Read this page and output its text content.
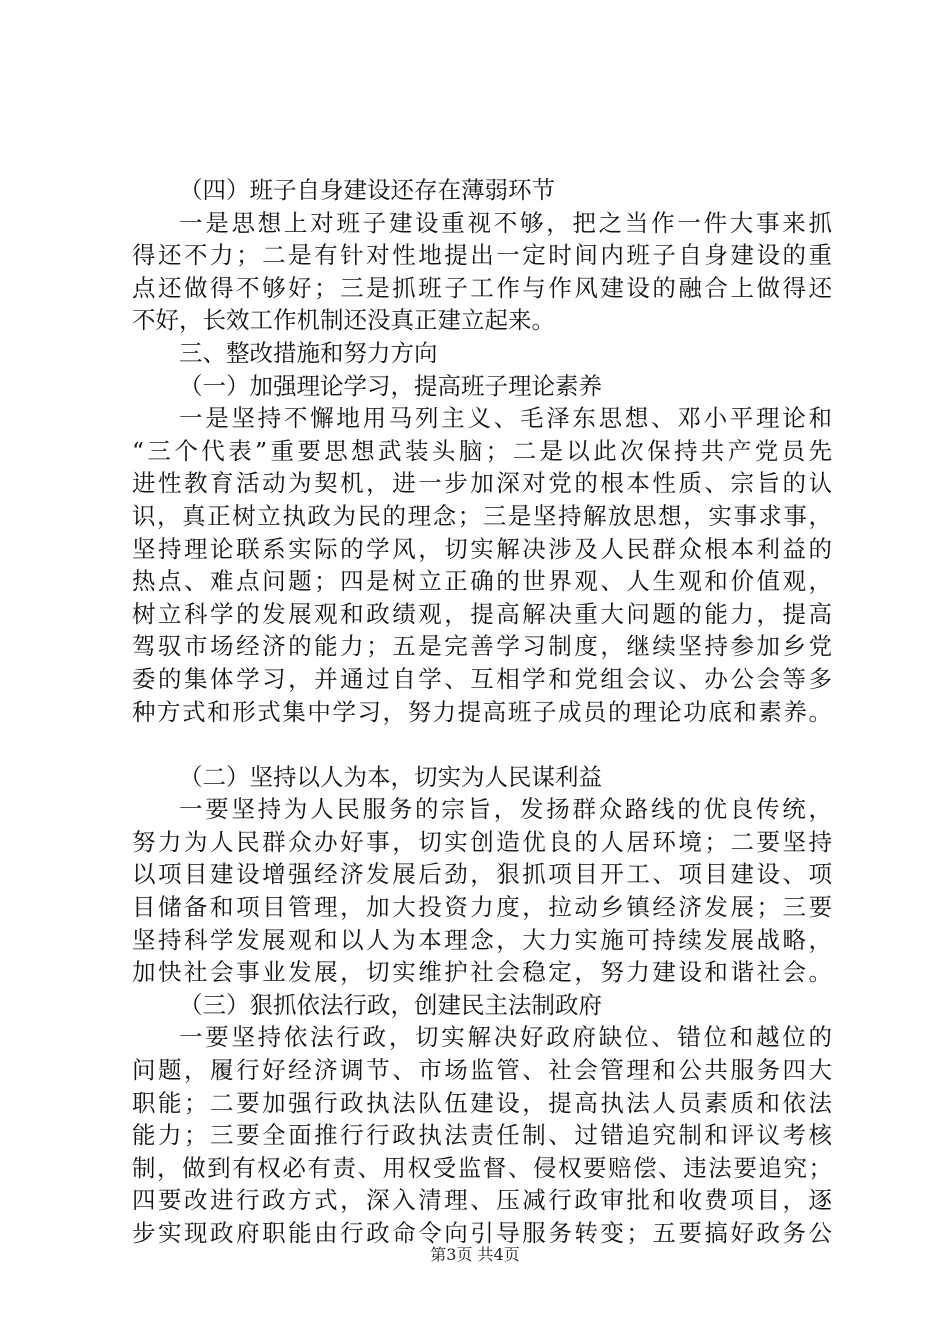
（四）班子自身建设还存在薄弱环节
一是思想上对班子建设重视不够，把之当作一件大事来抓
得还不力；二是有针对性地提出一定时间内班子自身建设的重
点还做得不够好；三是抓班子工作与作风建设的融合上做得还
不好，长效工作机制还没真正建立起来。
三、整改措施和努力方向
（一）加强理论学习，提高班子理论素养
一是坚持不懈地用马列主义、毛泽东思想、邓小平理论和
“三个代表”重要思想武装头脑；二是以此次保持共产党员先
进性教育活动为契机，进一步加深对党的根本性质、宗旨的认
识，真正树立执政为民的理念；三是坚持解放思想，实事求事，
坚持理论联系实际的学风，切实解决涉及人民群众根本利益的
热点、难点问题；四是树立正确的世界观、人生观和价值观，
树立科学的发展观和政绩观，提高解决重大问题的能力，提高
驾驭市场经济的能力；五是完善学习制度，继续坚持参加乡党
委的集体学习，并通过自学、互相学和党组会议、办公会等多
种方式和形式集中学习，努力提高班子成员的理论功底和素养。
（二）坚持以人为本，切实为人民谋利益
一要坚持为人民服务的宗旨，发扬群众路线的优良传统，
努力为人民群众办好事，切实创造优良的人居环境；二要坚持
以项目建设增强经济发展后劲，狠抓项目开工、项目建设、项
目储备和项目管理，加大投资力度，拉动乡镇经济发展；三要
坚持科学发展观和以人为本理念，大力实施可持续发展战略，
加快社会事业发展，切实维护社会稳定，努力建设和谐社会。
（三）狠抓依法行政，创建民主法制政府
一要坚持依法行政，切实解决好政府缺位、错位和越位的
问题，履行好经济调节、市场监管、社会管理和公共服务四大
职能；二要加强行政执法队伍建设，提高执法人员素质和依法
能力；三要全面推行行政执法责任制、过错追究制和评议考核
制，做到有权必有责、用权受监督、侵权要赔偿、违法要追究；
四要改进行政方式，深入清理、压减行政审批和收费项目，逐
步实现政府职能由行政命令向引导服务转变；五要搞好政务公
第3页 共4页
